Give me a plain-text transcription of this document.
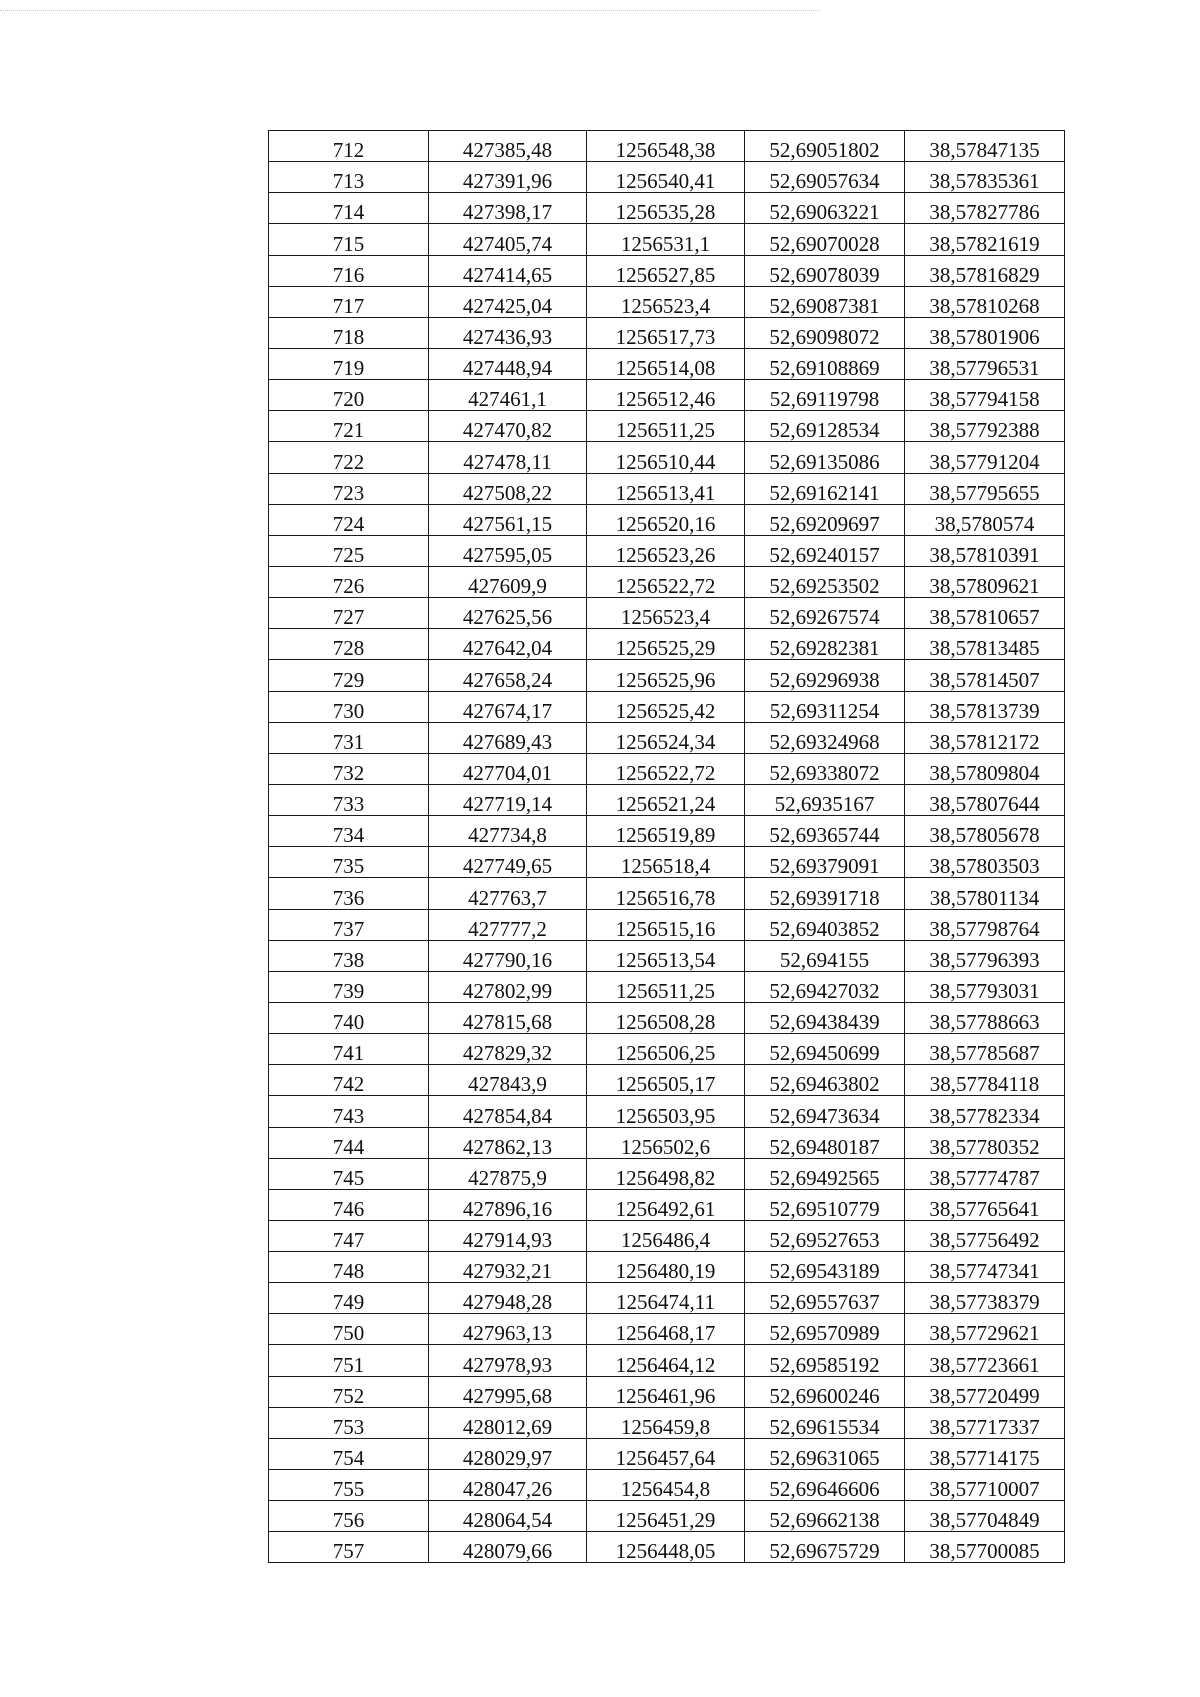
712	427385,48	1256548,38	52,69051802	38,57847135
713	427391,96	1256540,41	52,69057634	38,57835361
714	427398,17	1256535,28	52,69063221	38,57827786
715	427405,74	1256531,1	52,69070028	38,57821619
716	427414,65	1256527,85	52,69078039	38,57816829
717	427425,04	1256523,4	52,69087381	38,57810268
718	427436,93	1256517,73	52,69098072	38,57801906
719	427448,94	1256514,08	52,69108869	38,57796531
720	427461,1	1256512,46	52,69119798	38,57794158
721	427470,82	1256511,25	52,69128534	38,57792388
722	427478,11	1256510,44	52,69135086	38,57791204
723	427508,22	1256513,41	52,69162141	38,57795655
724	427561,15	1256520,16	52,69209697	38,5780574
725	427595,05	1256523,26	52,69240157	38,57810391
726	427609,9	1256522,72	52,69253502	38,57809621
727	427625,56	1256523,4	52,69267574	38,57810657
728	427642,04	1256525,29	52,69282381	38,57813485
729	427658,24	1256525,96	52,69296938	38,57814507
730	427674,17	1256525,42	52,69311254	38,57813739
731	427689,43	1256524,34	52,69324968	38,57812172
732	427704,01	1256522,72	52,69338072	38,57809804
733	427719,14	1256521,24	52,6935167	38,57807644
734	427734,8	1256519,89	52,69365744	38,57805678
735	427749,65	1256518,4	52,69379091	38,57803503
736	427763,7	1256516,78	52,69391718	38,57801134
737	427777,2	1256515,16	52,69403852	38,57798764
738	427790,16	1256513,54	52,694155	38,57796393
739	427802,99	1256511,25	52,69427032	38,57793031
740	427815,68	1256508,28	52,69438439	38,57788663
741	427829,32	1256506,25	52,69450699	38,57785687
742	427843,9	1256505,17	52,69463802	38,57784118
743	427854,84	1256503,95	52,69473634	38,57782334
744	427862,13	1256502,6	52,69480187	38,57780352
745	427875,9	1256498,82	52,69492565	38,57774787
746	427896,16	1256492,61	52,69510779	38,57765641
747	427914,93	1256486,4	52,69527653	38,57756492
748	427932,21	1256480,19	52,69543189	38,57747341
749	427948,28	1256474,11	52,69557637	38,57738379
750	427963,13	1256468,17	52,69570989	38,57729621
751	427978,93	1256464,12	52,69585192	38,57723661
752	427995,68	1256461,96	52,69600246	38,57720499
753	428012,69	1256459,8	52,69615534	38,57717337
754	428029,97	1256457,64	52,69631065	38,57714175
755	428047,26	1256454,8	52,69646606	38,57710007
756	428064,54	1256451,29	52,69662138	38,57704849
757	428079,66	1256448,05	52,69675729	38,57700085
